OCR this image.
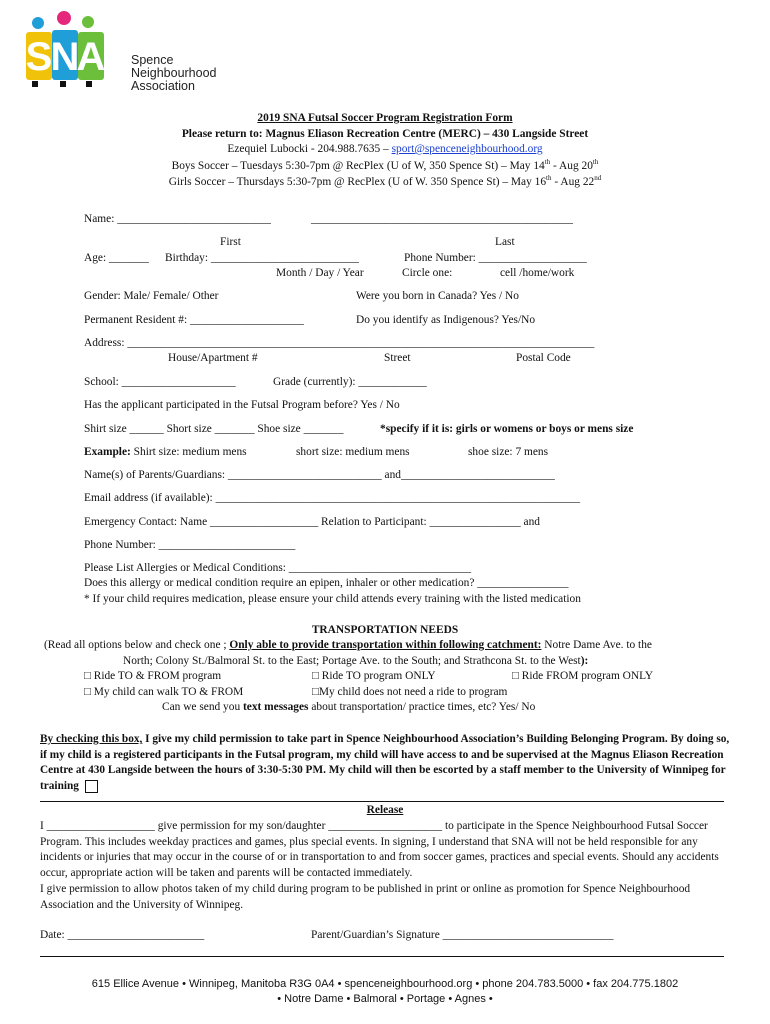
S
N
A Spence
Neighbourhood
Association
2019 SNA Futsal Soccer Program Registration Form
Please return to: Magnus Eliason Recreation Centre (MERC) – 430 Langside Street
Ezequiel Lubocki - 204.988.7635 – sport@spenceneighbourhood.org
Boys Soccer – Tuesdays 5:30-7pm @ RecPlex (U of W, 350 Spence St) – May 14th - Aug 20th
Girls Soccer – Thursdays 5:30-7pm @ RecPlex (U of W. 350 Spence St) – May 16th - Aug 22nd
Name: ___________________________	______________________________________________
First	Last
Age: _______ Birthday: __________________________	Phone Number: ___________________
Month / Day / Year	Circle one:	cell /home/work
Gender: Male/ Female/ Other	Were you born in Canada? Yes / No
Permanent Resident #: ____________________	Do you identify as Indigenous? Yes/No
Address: __________________________________________________________________________________
House/Apartment #	Street	Postal Code
School: ____________________	Grade (currently): ____________
Has the applicant participated in the Futsal Program before? Yes / No
Shirt size ______ Short size _______ Shoe size _______	*specify if it is: girls or womens or boys or mens size
Example: Shirt size: medium mens	short size: medium mens	shoe size: 7 mens
Name(s) of Parents/Guardians: ___________________________ and___________________________
Email address (if available): ________________________________________________________________
Emergency Contact: Name ___________________ Relation to Participant: ________________ and
Phone Number: ________________________
Please List Allergies or Medical Conditions: ________________________________
Does this allergy or medical condition require an epipen, inhaler or other medication? ________________
* If your child requires medication, please ensure your child attends every training with the listed medication
TRANSPORTATION NEEDS
(Read all options below and check one ; Only able to provide transportation within following catchment: Notre Dame Ave. to the
North; Colony St./Balmoral St. to the East; Portage Ave. to the South; and Strathcona St. to the West):
□ Ride TO & FROM program	□ Ride TO program ONLY	□ Ride FROM program ONLY
□ My child can walk TO & FROM	□My child does not need a ride to program
Can we send you text messages about transportation/ practice times, etc? Yes/ No
By checking this box, I give my child permission to take part in Spence Neighbourhood Association’s Building Belonging Program. By doing so, if my child is a registered participants in the Futsal program, my child will have access to and be supervised at the Magnus Eliason Recreation Centre at 430 Langside between the hours of 3:30-5:30 PM. My child will then be escorted by a staff member to the University of Winnipeg for training
Release
I ___________________ give permission for my son/daughter ____________________ to participate in the Spence Neighbourhood Futsal Soccer Program. This includes weekday practices and games, plus special events. In signing, I understand that SNA will not be held responsible for any incidents or injuries that may occur in the course of or in transportation to and from soccer games, practices and special events. Should any accidents occur, appropriate action will be taken and parents will be contacted immediately.
I give permission to allow photos taken of my child during program to be published in print or online as promotion for Spence Neighbourhood Association and the University of Winnipeg.
Date: ________________________	Parent/Guardian’s Signature ______________________________
615 Ellice Avenue • Winnipeg, Manitoba R3G 0A4 • spenceneighbourhood.org • phone 204.783.5000 • fax 204.775.1802
• Notre Dame • Balmoral • Portage • Agnes •
